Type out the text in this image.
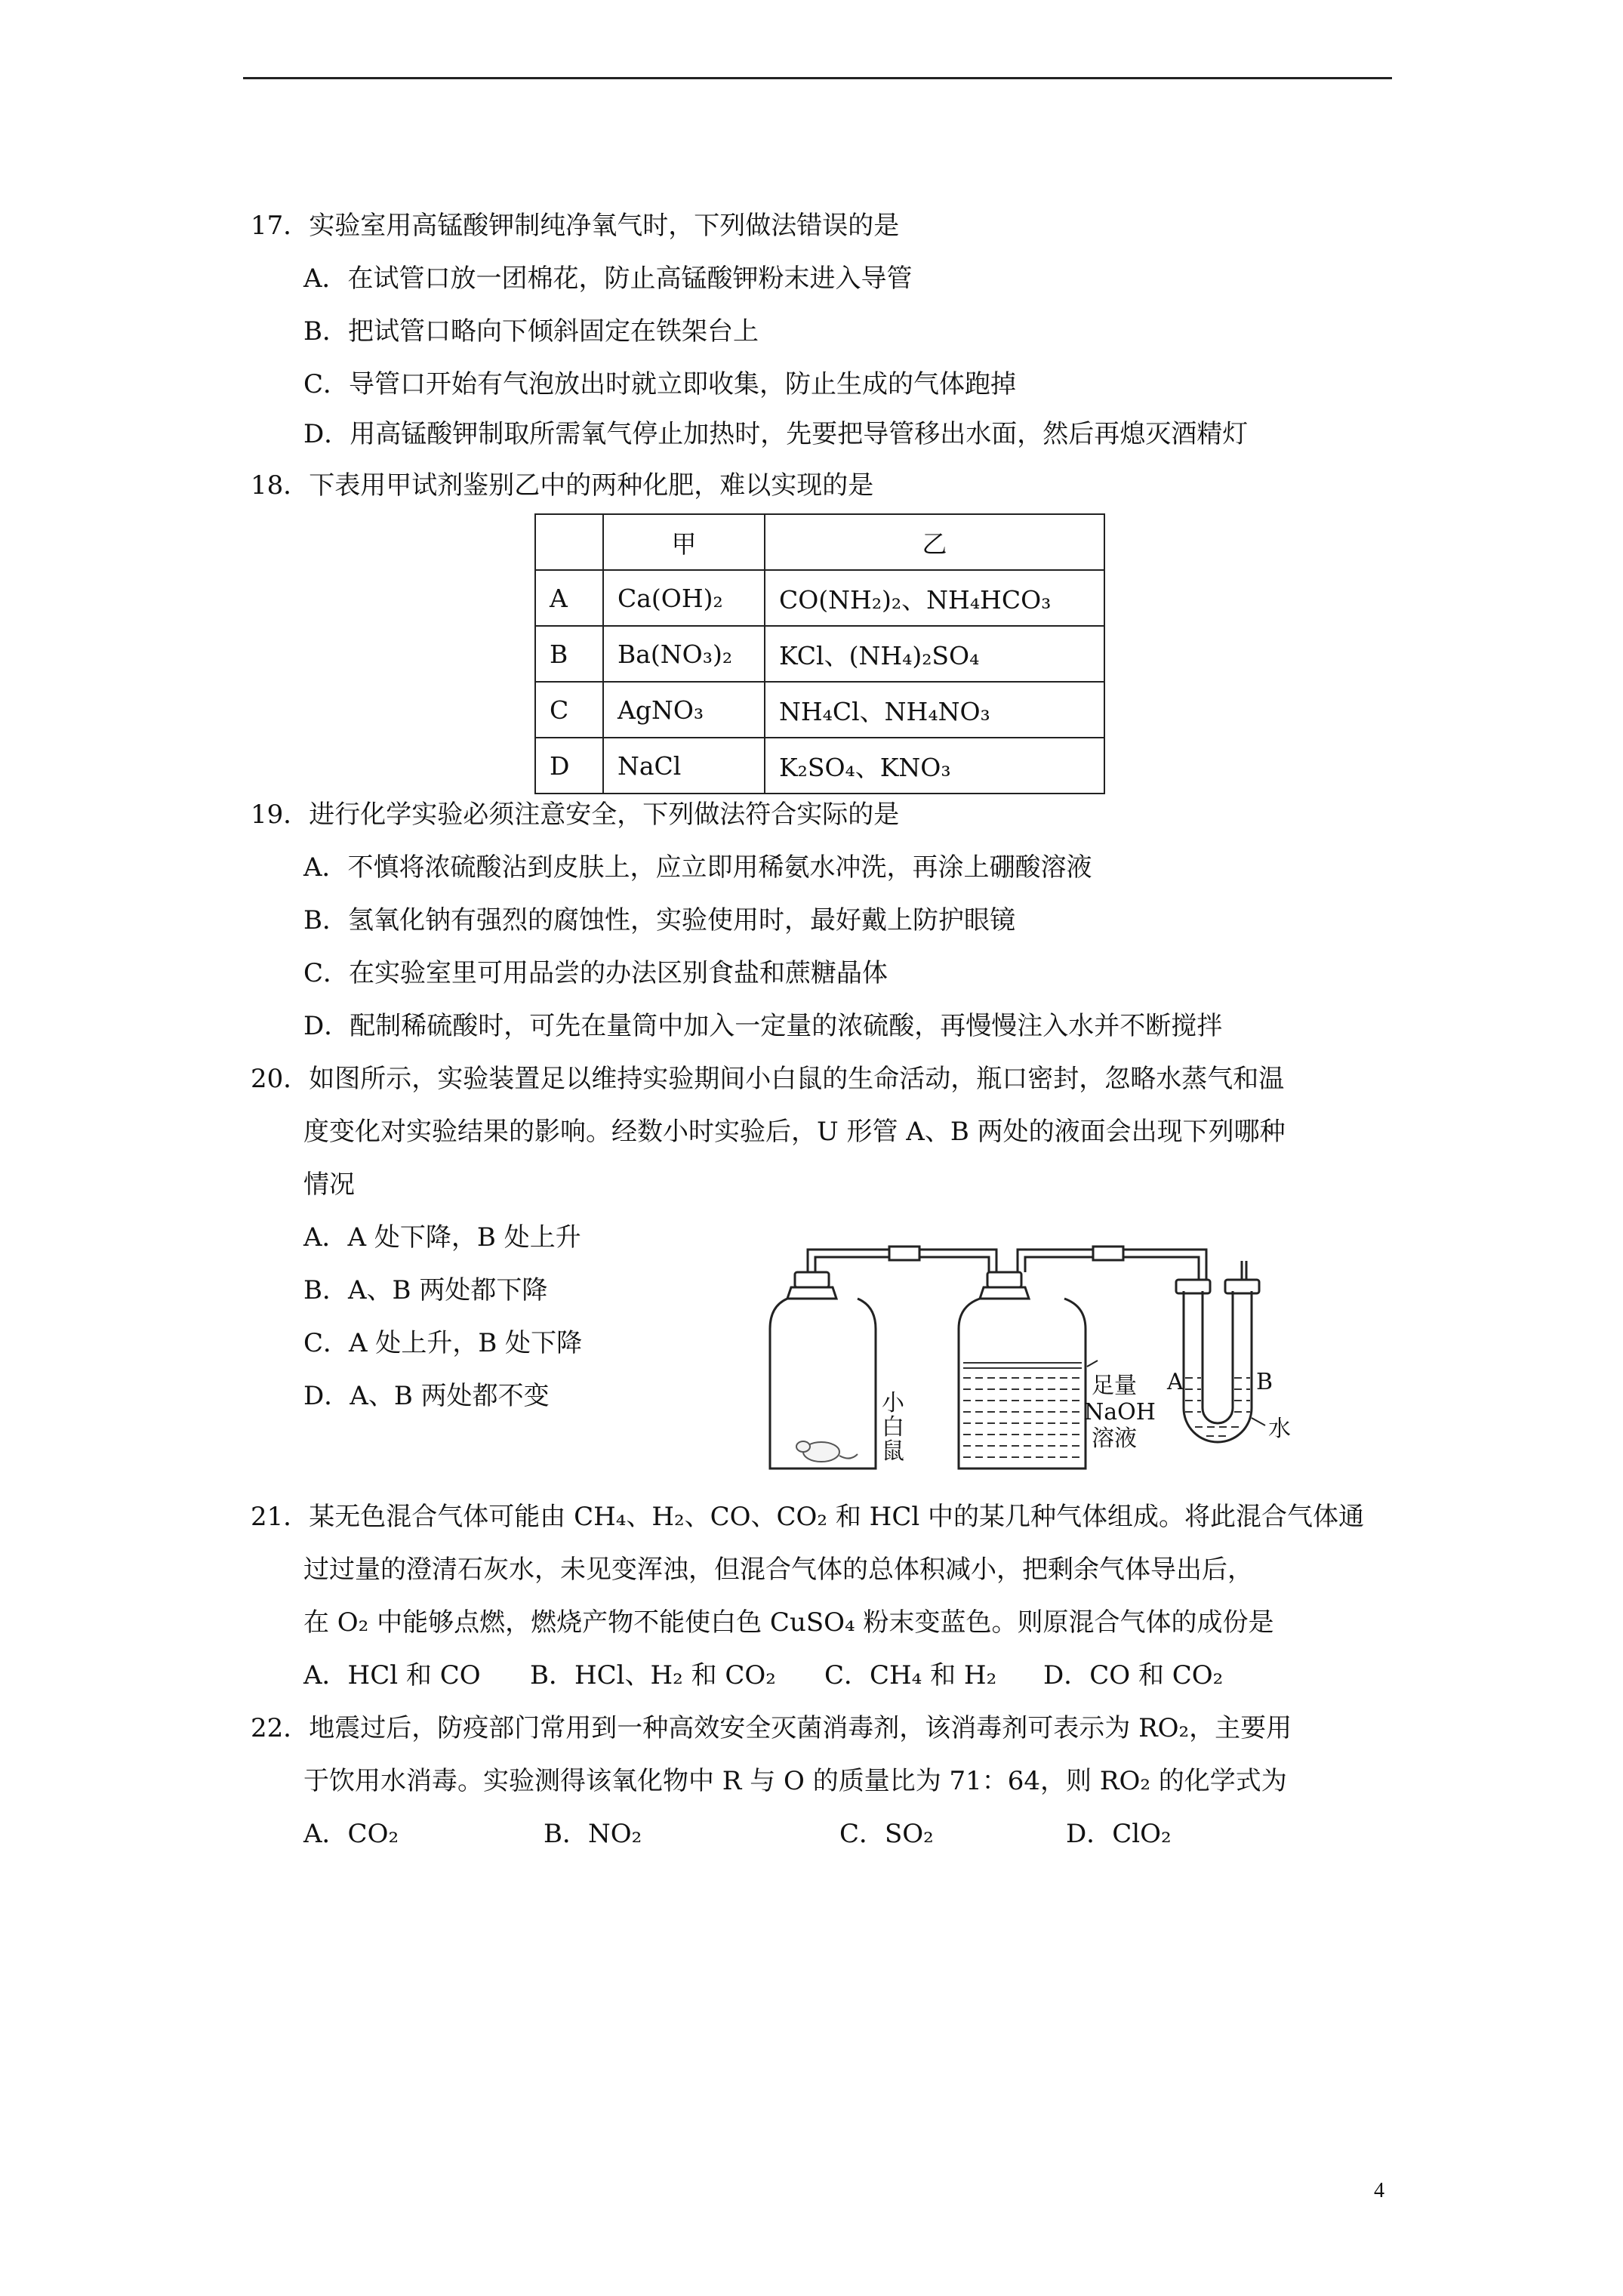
17．实验室用高锰酸钾制纯净氧气时，下列做法错误的是
A．在试管口放一团棉花，防止高锰酸钾粉末进入导管
B．把试管口略向下倾斜固定在铁架台上
C．导管口开始有气泡放出时就立即收集，防止生成的气体跑掉
D．用高锰酸钾制取所需氧气停止加热时，先要把导管移出水面，然后再熄灭酒精灯
18．下表用甲试剂鉴别乙中的两种化肥，难以实现的是
	甲	乙
A	Ca(OH)₂	CO(NH₂)₂、NH₄HCO₃
B	Ba(NO₃)₂	KCl、(NH₄)₂SO₄
C	AgNO₃	NH₄Cl、NH₄NO₃
D	NaCl	K₂SO₄、KNO₃
19．进行化学实验必须注意安全，下列做法符合实际的是
A．不慎将浓硫酸沾到皮肤上，应立即用稀氨水冲洗，再涂上硼酸溶液
B．氢氧化钠有强烈的腐蚀性，实验使用时，最好戴上防护眼镜
C．在实验室里可用品尝的办法区别食盐和蔗糖晶体
D．配制稀硫酸时，可先在量筒中加入一定量的浓硫酸，再慢慢注入水并不断搅拌
20．如图所示，实验装置足以维持实验期间小白鼠的生命活动，瓶口密封，忽略水蒸气和温
度变化对实验结果的影响。经数小时实验后，U 形管 A、B 两处的液面会出现下列哪种
情况
A．A 处下降，B 处上升
B．A、B 两处都下降
C．A 处上升，B 处下降
D．A、B 两处都不变	小
白
鼠
足量
NaOH
溶液
A	B
水
21．某无色混合气体可能由 CH₄、H₂、CO、CO₂ 和 HCl 中的某几种气体组成。将此混合气体通
过过量的澄清石灰水，未见变浑浊，但混合气体的总体积减小，把剩余气体导出后，
在 O₂ 中能够点燃，燃烧产物不能使白色 CuSO₄ 粉末变蓝色。则原混合气体的成份是
A．HCl 和 CO B．HCl、H₂ 和 CO₂ C．CH₄ 和 H₂ D．CO 和 CO₂
22．地震过后，防疫部门常用到一种高效安全灭菌消毒剂，该消毒剂可表示为 RO₂，主要用
于饮用水消毒。实验测得该氧化物中 R 与 O 的质量比为 71：64，则 RO₂ 的化学式为
A．CO₂	B．NO₂	C．SO₂	D．ClO₂
4
